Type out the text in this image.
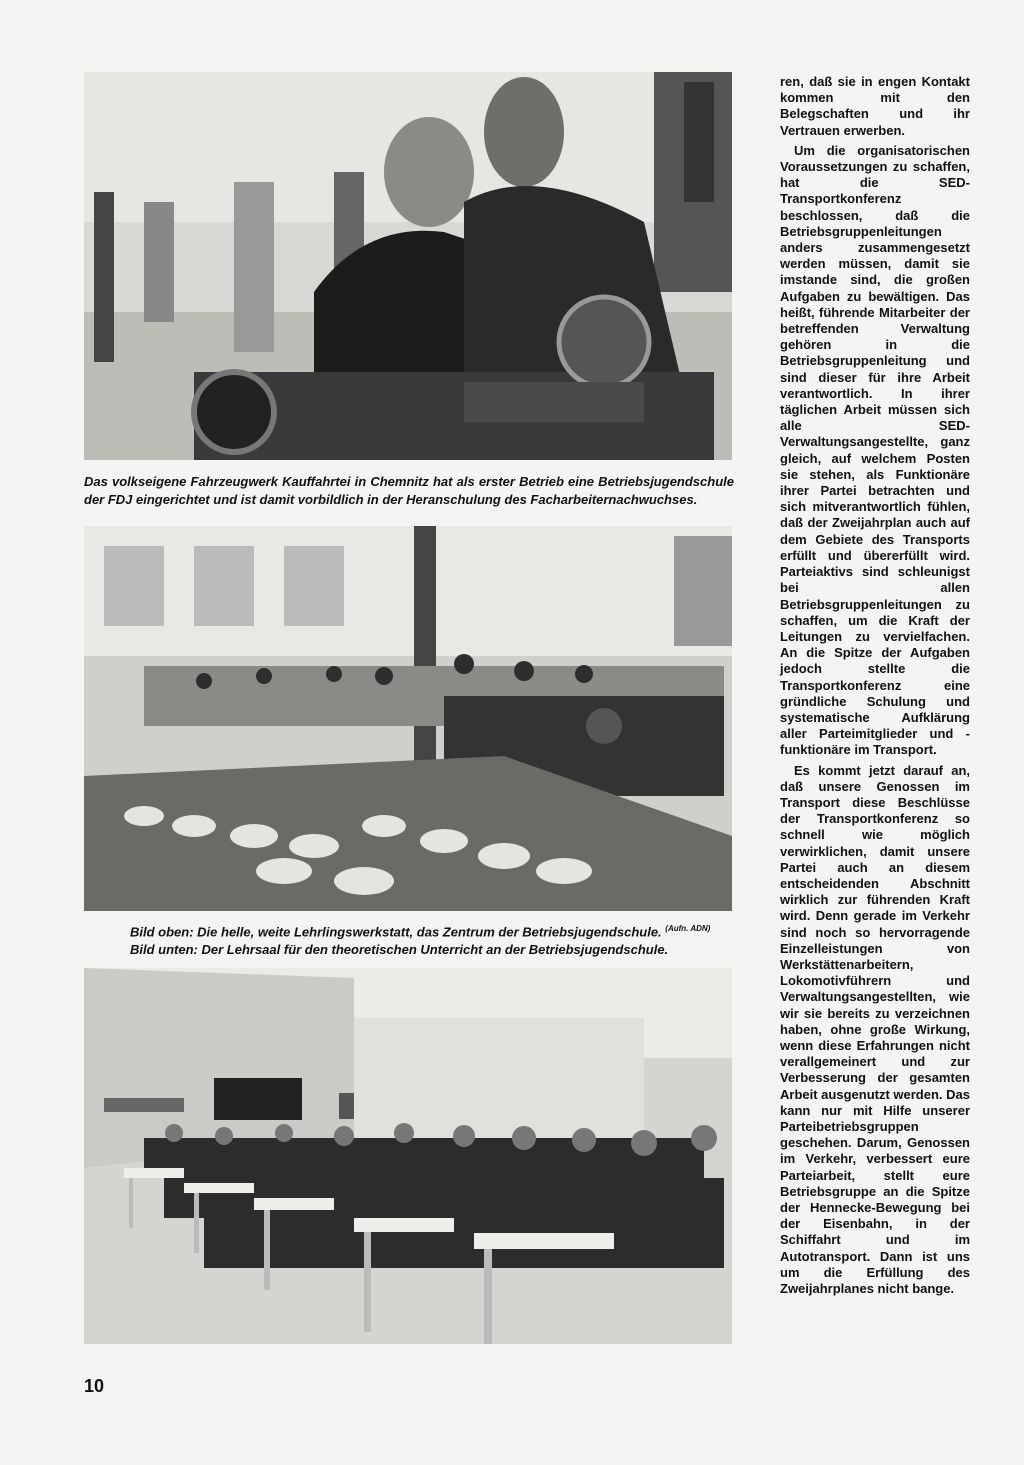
Das volkseigene Fahrzeugwerk Kauffahrtei in Chemnitz hat als erster Betrieb eine Betriebsjugendschule der FDJ eingerichtet und ist damit vorbildlich in der Heranschulung des Facharbeiternachwuchses.
Bild oben: Die helle, weite Lehrlingswerkstatt, das Zentrum der Betriebsjugendschule. $^{(Aufn. ADN)}$
Bild unten: Der Lehrsaal für den theoretischen Unterricht an der Betriebsjugendschule.

ren, daß sie in engen Kontakt kommen mit den Belegschaften und ihr Vertrauen erwerben.

Um die organisatorischen Voraussetzungen zu schaffen, hat die SED-Transportkonferenz beschlossen, daß die Betriebsgruppenleitungen anders zusammengesetzt werden müssen, damit sie imstande sind, die großen Aufgaben zu bewältigen. Das heißt, führende Mitarbeiter der betreffenden Verwaltung gehören in die Betriebsgruppenleitung und sind dieser für ihre Arbeit verantwortlich. In ihrer täglichen Arbeit müssen sich alle SED-Verwaltungsangestellte, ganz gleich, auf welchem Posten sie stehen, als Funktionäre ihrer Partei betrachten und sich mitverantwortlich fühlen, daß der Zweijahrplan auch auf dem Gebiete des Transports erfüllt und übererfüllt wird. Parteiaktivs sind schleunigst bei allen Betriebsgruppenleitungen zu schaffen, um die Kraft der Leitungen zu vervielfachen. An die Spitze der Aufgaben jedoch stellte die Transportkonferenz eine gründliche Schulung und systematische Aufklärung aller Parteimitglieder und -funktionäre im Transport.

Es kommt jetzt darauf an, daß unsere Genossen im Transport diese Beschlüsse der Transportkonferenz so schnell wie möglich verwirklichen, damit unsere Partei auch an diesem entscheidenden Abschnitt wirklich zur führenden Kraft wird. Denn gerade im Verkehr sind noch so hervorragende Einzelleistungen von Werkstättenarbeitern, Lokomotivführern und Verwaltungsangestellten, wie wir sie bereits zu verzeichnen haben, ohne große Wirkung, wenn diese Erfahrungen nicht verallgemeinert und zur Verbesserung der gesamten Arbeit ausgenutzt werden. Das kann nur mit Hilfe unserer Parteibetriebsgruppen geschehen. Darum, Genossen im Verkehr, verbessert eure Parteiarbeit, stellt eure Betriebsgruppe an die Spitze der Hennecke-Bewegung bei der Eisenbahn, in der Schiffahrt und im Autotransport. Dann ist uns um die Erfüllung des Zweijahrplanes nicht bange.

10
